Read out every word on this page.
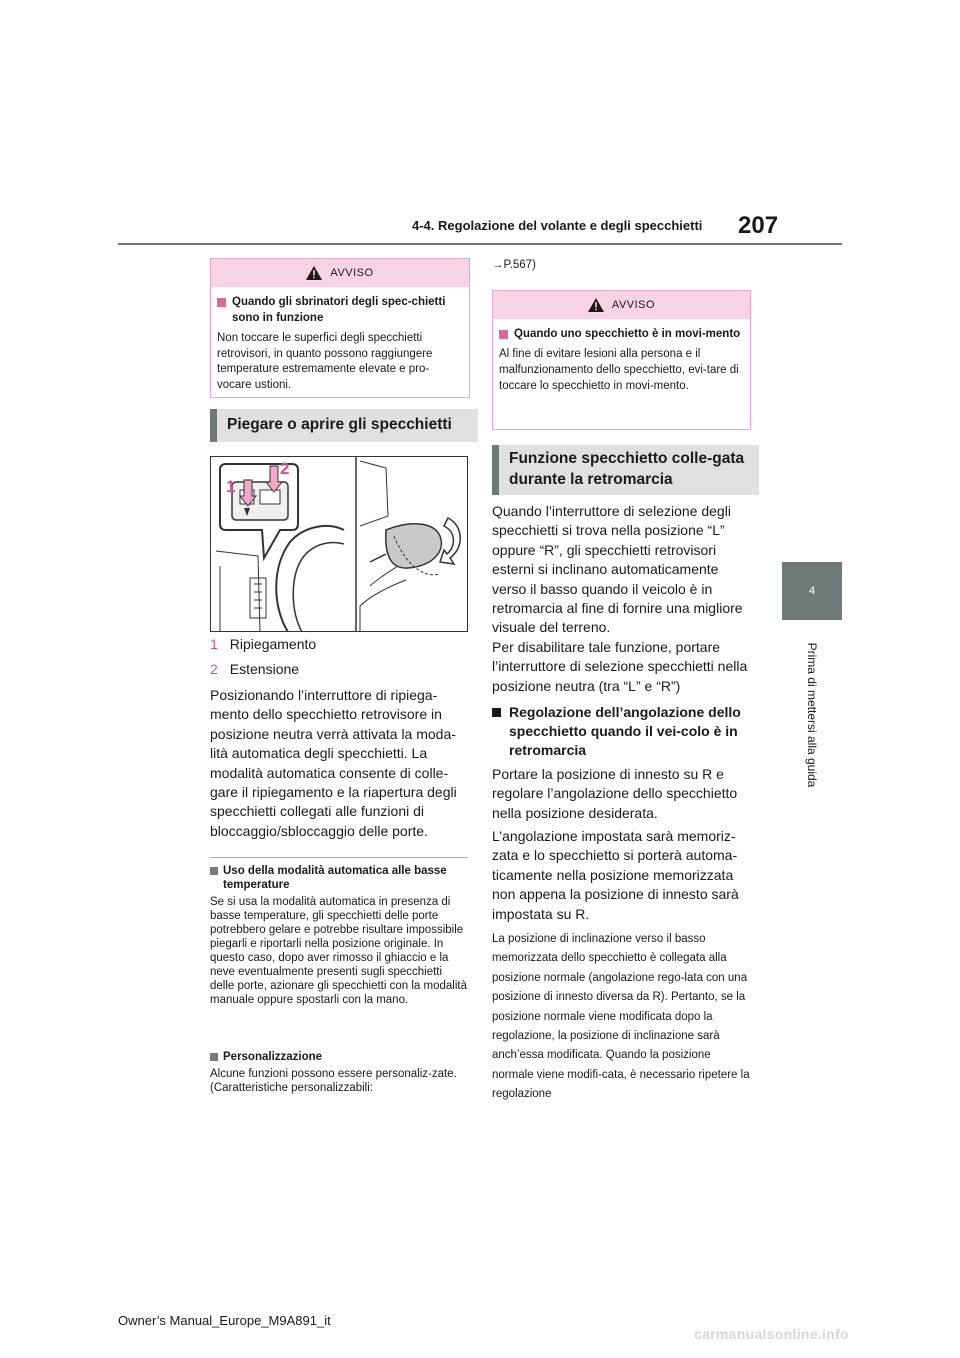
4-4. Regolazione del volante e degli specchietti 207
4
Prima di mettersi alla guida
AVVISO
Quando gli sbrinatori degli spec-chietti sono in funzione
Non toccare le superfici degli specchietti retrovisori, in quanto possono raggiungere temperature estremamente elevate e pro-vocare ustioni.
Piegare o aprire gli specchietti
1
2
1 Ripiegamento
2 Estensione
Posizionando l’interruttore di ripiega-mento dello specchietto retrovisore in posizione neutra verrà attivata la moda-lità automatica degli specchietti. La modalità automatica consente di colle-gare il ripiegamento e la riapertura degli specchietti collegati alle funzioni di bloccaggio/sbloccaggio delle porte.
Uso della modalità automatica alle basse temperature
Se si usa la modalità automatica in presenza di basse temperature, gli specchietti delle porte potrebbero gelare e potrebbe risultare impossibile piegarli e riportarli nella posizione originale. In questo caso, dopo aver rimosso il ghiaccio e la neve eventualmente presenti sugli specchietti delle porte, azionare gli specchietti con la modalità manuale oppure spostarli con la mano.
Personalizzazione
Alcune funzioni possono essere personaliz-zate. (Caratteristiche personalizzabili:
→P.567)
AVVISO
Quando uno specchietto è in movi-mento
Al fine di evitare lesioni alla persona e il malfunzionamento dello specchietto, evi-tare di toccare lo specchietto in movi-mento.
Funzione specchietto colle-gata durante la retromarcia
Quando l’interruttore di selezione degli specchietti si trova nella posizione “L” oppure “R”, gli specchietti retrovisori esterni si inclinano automaticamente verso il basso quando il veicolo è in retromarcia al fine di fornire una migliore visuale del terreno.
Per disabilitare tale funzione, portare l’interruttore di selezione specchietti nella posizione neutra (tra “L” e “R”)
Regolazione dell’angolazione dello specchietto quando il vei-colo è in retromarcia
Portare la posizione di innesto su R e regolare l’angolazione dello specchietto nella posizione desiderata.
L’angolazione impostata sarà memoriz-zata e lo specchietto si porterà automa-ticamente nella posizione memorizzata non appena la posizione di innesto sarà impostata su R.
La posizione di inclinazione verso il basso memorizzata dello specchietto è collegata alla posizione normale (angolazione rego-lata con una posizione di innesto diversa da R). Pertanto, se la posizione normale viene modificata dopo la regolazione, la posizione di inclinazione sarà anch’essa modificata. Quando la posizione normale viene modifi-cata, è necessario ripetere la regolazione
Owner’s Manual_Europe_M9A891_it
carmanualsonline.info
